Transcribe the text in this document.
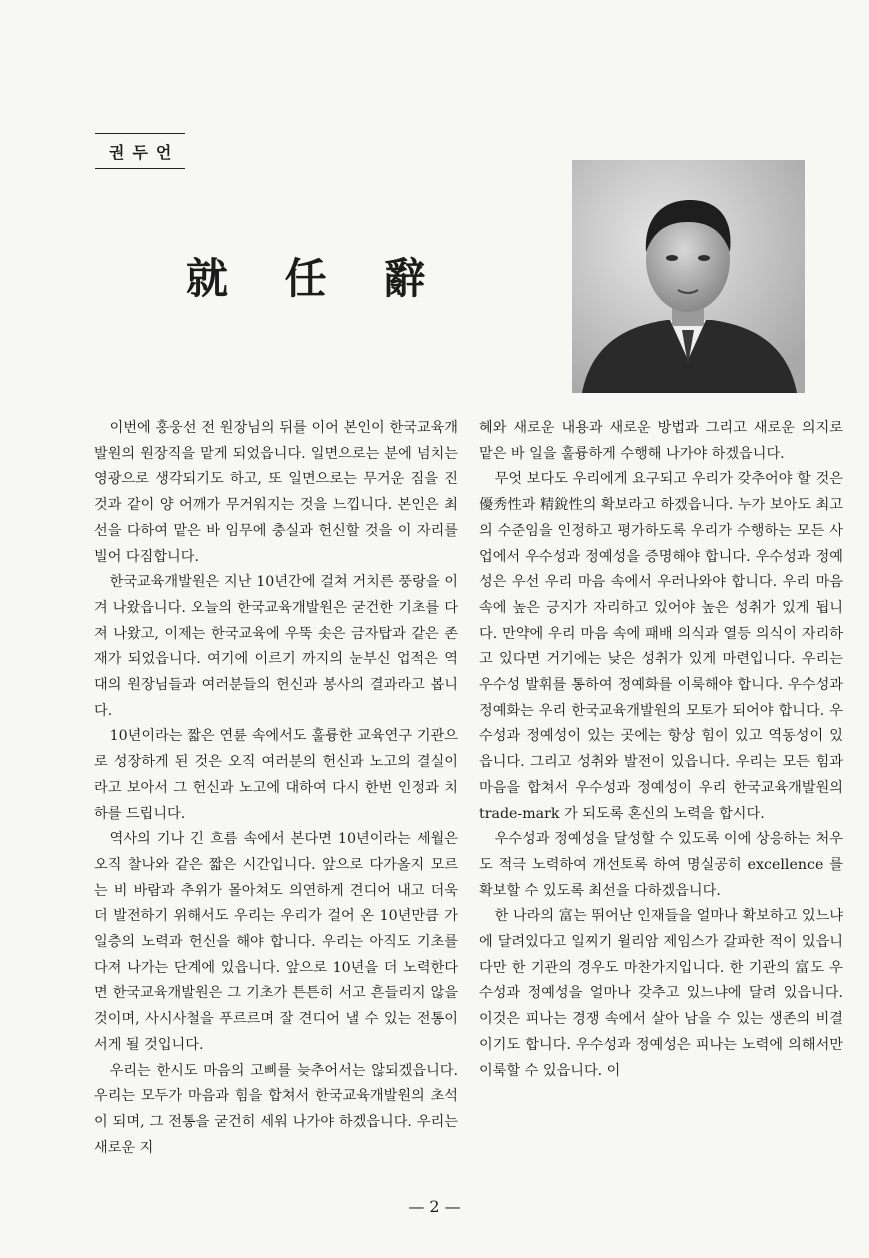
권두언
就 任 辭

이번에 홍웅선 전 원장님의 뒤를 이어 본인이 한국교육개발원의 원장직을 맡게 되었읍니다. 일면으로는 분에 넘치는 영광으로 생각되기도 하고, 또 일면으로는 무거운 짐을 진 것과 같이 양 어깨가 무거워지는 것을 느낍니다. 본인은 최선을 다하여 맡은 바 임무에 충실과 헌신할 것을 이 자리를 빌어 다짐합니다.

한국교육개발원은 지난 10년간에 걸쳐 거치른 풍랑을 이겨 나왔읍니다. 오늘의 한국교육개발원은 굳건한 기초를 다져 나왔고, 이제는 한국교육에 우뚝 솟은 금자탑과 같은 존재가 되었읍니다. 여기에 이르기 까지의 눈부신 업적은 역대의 원장님들과 여러분들의 헌신과 봉사의 결과라고 봅니다.

10년이라는 짧은 연륜 속에서도 훌륭한 교육연구 기관으로 성장하게 된 것은 오직 여러분의 헌신과 노고의 결실이라고 보아서 그 헌신과 노고에 대하여 다시 한번 인정과 치하를 드립니다.

역사의 기나 긴 흐름 속에서 본다면 10년이라는 세월은 오직 찰나와 같은 짧은 시간입니다. 앞으로 다가올지 모르는 비 바람과 추위가 몰아쳐도 의연하게 견디어 내고 더욱 더 발전하기 위해서도 우리는 우리가 걸어 온 10년만큼 가일층의 노력과 헌신을 해야 합니다. 우리는 아직도 기초를 다져 나가는 단계에 있읍니다. 앞으로 10년을 더 노력한다면 한국교육개발원은 그 기초가 튼튼히 서고 흔들리지 않을것이며, 사시사철을 푸르르며 잘 견디어 낼 수 있는 전통이 서게 될 것입니다.

우리는 한시도 마음의 고삐를 늦추어서는 않되겠읍니다. 우리는 모두가 마음과 힘을 합쳐서 한국교육개발원의 초석이 되며, 그 전통을 굳건히 세워 나가야 하겠읍니다. 우리는 새로운 지

혜와 새로운 내용과 새로운 방법과 그리고 새로운 의지로 맡은 바 일을 훌륭하게 수행해 나가야 하겠읍니다.

무엇 보다도 우리에게 요구되고 우리가 갖추어야 할 것은 優秀性과 精銳性의 확보라고 하겠읍니다. 누가 보아도 최고의 수준임을 인정하고 평가하도록 우리가 수행하는 모든 사업에서 우수성과 정예성을 증명해야 합니다. 우수성과 정예성은 우선 우리 마음 속에서 우러나와야 합니다. 우리 마음 속에 높은 긍지가 자리하고 있어야 높은 성취가 있게 됩니다. 만약에 우리 마음 속에 패배 의식과 열등 의식이 자리하고 있다면 거기에는 낮은 성취가 있게 마련입니다. 우리는 우수성 발휘를 통하여 정예화를 이룩해야 합니다. 우수성과 정예화는 우리 한국교육개발원의 모토가 되어야 합니다. 우수성과 정예성이 있는 곳에는 항상 힘이 있고 역동성이 있읍니다. 그리고 성취와 발전이 있읍니다. 우리는 모든 힘과 마음을 합쳐서 우수성과 정예성이 우리 한국교육개발원의 trade-mark 가 되도록 혼신의 노력을 합시다.

우수성과 정예성을 달성할 수 있도록 이에 상응하는 처우도 적극 노력하여 개선토록 하여 명실공히 excellence 를 확보할 수 있도록 최선을 다하겠읍니다.

한 나라의 富는 뛰어난 인재들을 얼마나 확보하고 있느냐에 달려있다고 일찌기 윌리암 제임스가 갈파한 적이 있읍니다만 한 기관의 경우도 마찬가지입니다. 한 기관의 富도 우수성과 정예성을 얼마나 갖추고 있느냐에 달려 있읍니다. 이것은 피나는 경쟁 속에서 살아 남을 수 있는 생존의 비결이기도 합니다. 우수성과 정예성은 피나는 노력에 의해서만 이룩할 수 있읍니다. 이

— 2 —
